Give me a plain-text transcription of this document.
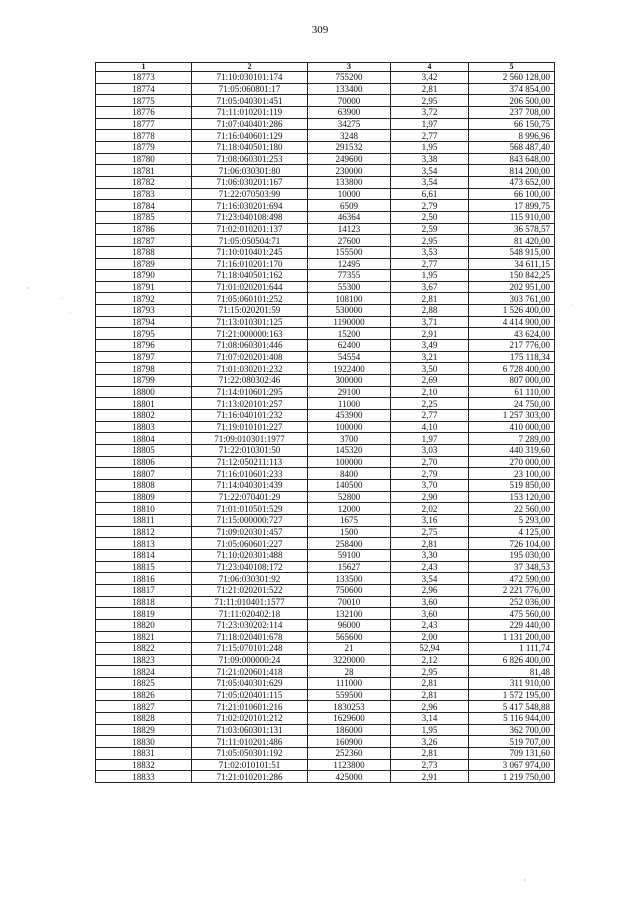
309
1	2	3	4	5
18773	71:10:030101:174	755200	3,42	2 560 128,00
18774	71:05:060801:17	133400	2,81	374 854,00
18775	71:05:040301:451	70000	2,95	206 500,00
18776	71:11:010201:119	63900	3,72	237 708,00
18777	71:07:040401:286	34275	1,97	66 150,75
18778	71:16:040601:129	3248	2,77	8 996,96
18779	71:18:040501:180	291532	1,95	568 487,40
18780	71:08:060301:253	249600	3,38	843 648,00
18781	71:06:030301:80	230000	3,54	814 200,00
18782	71:06:030201:167	133800	3,54	473 652,00
18783	71:22:070503:99	10000	6,61	66 100,00
18784	71:16:030201:694	6509	2,79	17 899,75
18785	71:23:040108:498	46364	2,50	115 910,00
18786	71:02:010201:137	14123	2,59	36 578,57
18787	71:05:050504:71	27600	2,95	81 420,00
18788	71:10:010401:245	155500	3,53	548 915,00
18789	71:16:010201:170	12495	2,77	34 611,15
18790	71:18:040501:162	77355	1,95	150 842,25
18791	71:01:020201:644	55300	3,67	202 951,00
18792	71:05:060101:252	108100	2,81	303 761,00
18793	71:15:020201:59	530000	2,88	1 526 400,00
18794	71:13:010301:125	1190000	3,71	4 414 900,00
18795	71:21:000000:163	15200	2,91	43 624,00
18796	71:08:060301:446	62400	3,49	217 776,00
18797	71:07:020201:408	54554	3,21	175 118,34
18798	71:01:030201:232	1922400	3,50	6 728 400,00
18799	71:22:080302:46	300000	2,69	807 000,00
18800	71:14:010601:295	29100	2,10	61 110,00
18801	71:13:020101:257	11000	2,25	24 750,00
18802	71:16:040101:232	453900	2,77	1 257 303,00
18803	71:19:010101:227	100000	4,10	410 000,00
18804	71:09:010301:1977	3700	1,97	7 289,00
18805	71:22:010301:50	145320	3,03	440 319,60
18806	71:12:050211:113	100000	2,70	270 000,00
18807	71:16:010601:233	8400	2,79	23 100,00
18808	71:14:040301:439	140500	3,70	519 850,00
18809	71:22:070401:29	52800	2,90	153 120,00
18810	71:01:010501:529	12000	2,02	22 560,00
18811	71:15:000000:727	1675	3,16	5 293,00
18812	71:09:020301:457	1500	2,75	4 125,00
18813	71:05:060601:227	258400	2,81	726 104,00
18814	71:10:020301:488	59100	3,30	195 030,00
18815	71:23:040108:172	15627	2,43	37 348,53
18816	71:06:030301:92	133500	3,54	472 590,00
18817	71:21:020201:522	750600	2,96	2 221 776,00
18818	71:11:010401:1577	70010	3,60	252 036,00
18819	71:11:020402:18	132100	3,60	475 560,00
18820	71:23:030202:114	96000	2,43	229 440,00
18821	71:18:020401:678	565600	2,00	1 131 200,00
18822	71:15:070101:248	21	52,94	1 111,74
18823	71:09:000000:24	3220000	2,12	6 826 400,00
18824	71:21:020601:418	28	2,95	81,48
18825	71:05:040301:629	111000	2,81	311 910,00
18826	71:05:020401:115	559500	2,81	1 572 195,00
18827	71:21:010601:216	1830253	2,96	5 417 548,88
18828	71:02:020101:212	1629600	3,14	5 116 944,00
18829	71:03:060301:131	186000	1,95	362 700,00
18830	71:11:010201:486	160900	3,26	519 707,00
18831	71:05:050301:192	252360	2,81	709 131,60
18832	71:02:010101:51	1123800	2,73	3 067 974,00
18833	71:21:010201:286	425000	2,91	1 219 750,00
